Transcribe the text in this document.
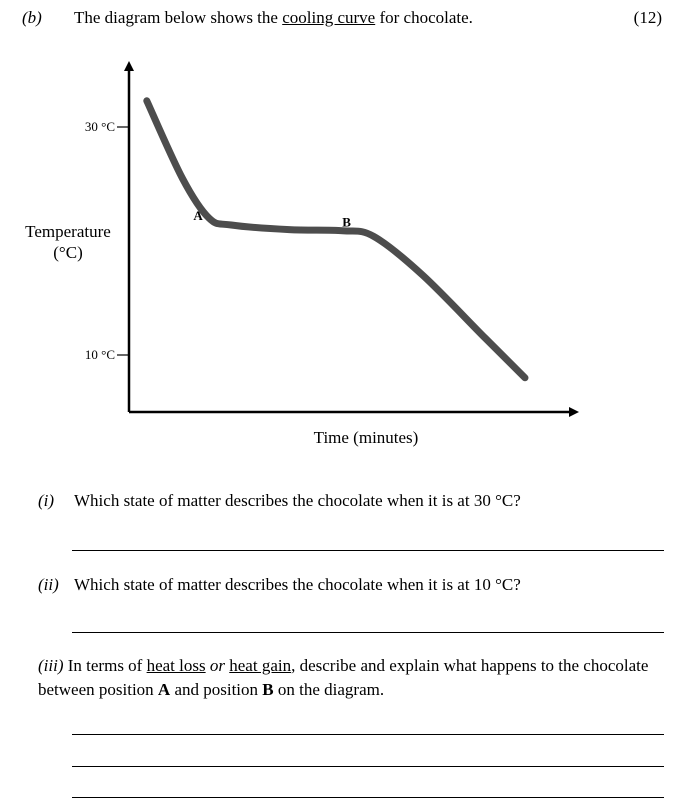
(b) The diagram below shows the cooling curve for chocolate.	(12)
30 °C
10 °C
Temperature
(°C)
Time (minutes)
A	B
(i) Which state of matter describes the chocolate when it is at 30 °C?
(ii) Which state of matter describes the chocolate when it is at 10 °C?
(iii) In terms of heat loss or heat gain, describe and explain what happens to the chocolate between position A and position B on the diagram.
